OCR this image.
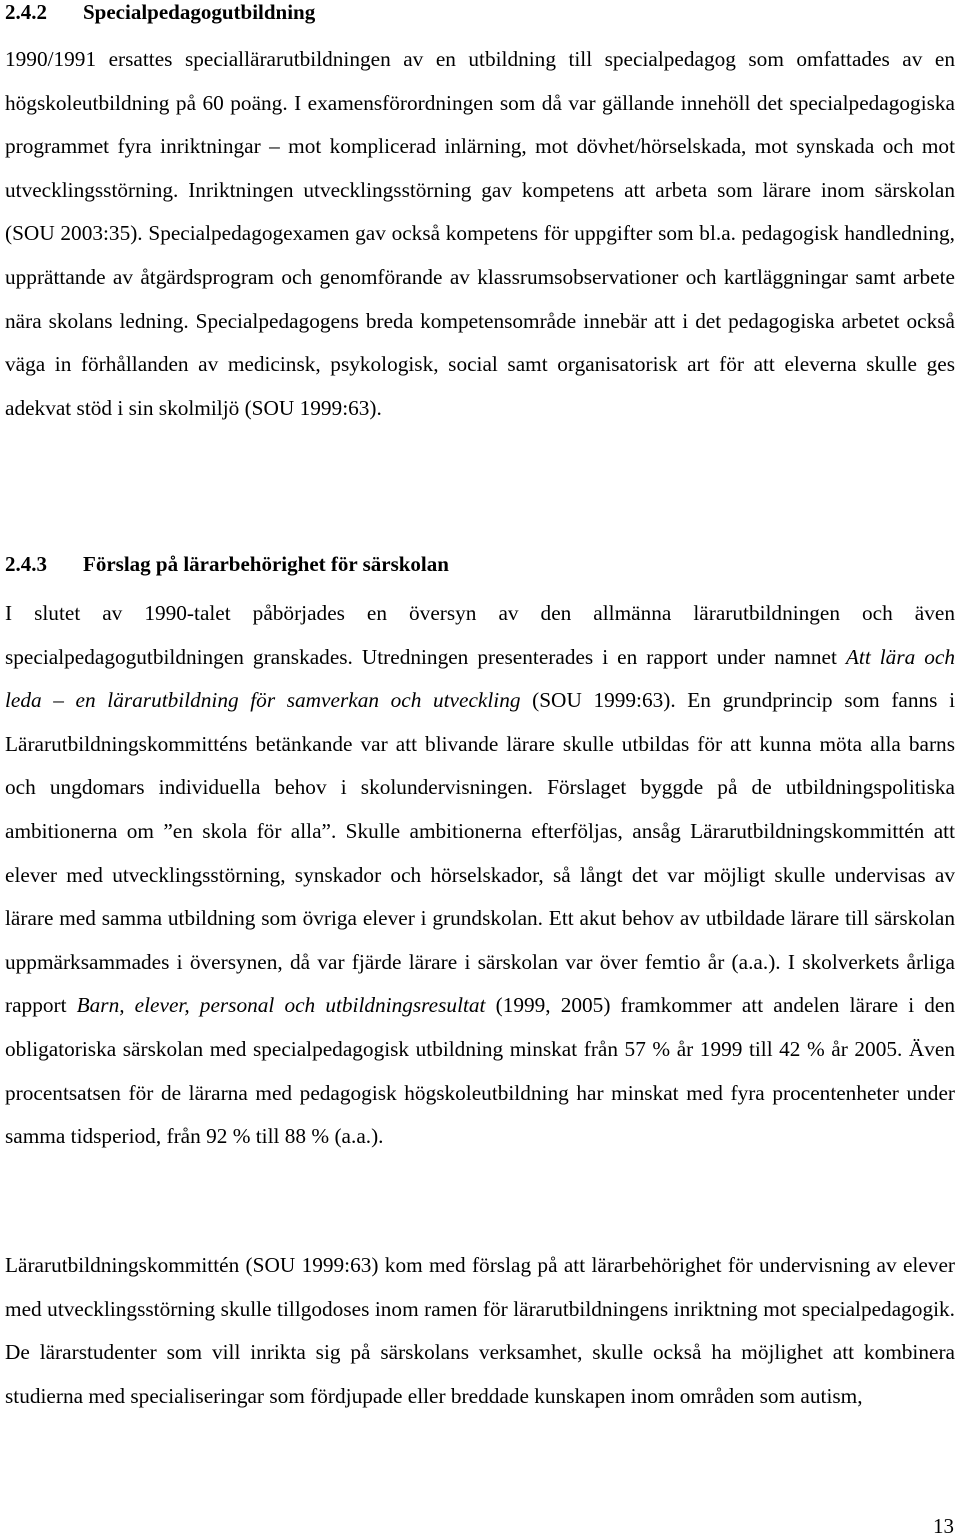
2.4.2 Specialpedagogutbildning

1990/1991 ersattes speciallärarutbildningen av en utbildning till specialpedagog som omfattades av en högskoleutbildning på 60 poäng. I examensförordningen som då var gällande innehöll det specialpedagogiska programmet fyra inriktningar – mot komplicerad inlärning, mot dövhet/hörselskada, mot synskada och mot utvecklingsstörning. Inriktningen utvecklingsstörning gav kompetens att arbeta som lärare inom särskolan (SOU 2003:35). Specialpedagogexamen gav också kompetens för uppgifter som bl.a. pedagogisk handledning, upprättande av åtgärdsprogram och genomförande av klassrumsobservationer och kartläggningar samt arbete nära skolans ledning. Specialpedagogens breda kompetensområde innebär att i det pedagogiska arbetet också väga in förhållanden av medicinsk, psykologisk, social samt organisatorisk art för att eleverna skulle ges adekvat stöd i sin skolmiljö (SOU 1999:63).

2.4.3 Förslag på lärarbehörighet för särskolan

I slutet av 1990-talet påbörjades en översyn av den allmänna lärarutbildningen och även specialpedagogutbildningen granskades. Utredningen presenterades i en rapport under namnet Att lära och leda – en lärarutbildning för samverkan och utveckling (SOU 1999:63). En grundprincip som fanns i Lärarutbildningskommitténs betänkande var att blivande lärare skulle utbildas för att kunna möta alla barns och ungdomars individuella behov i skolundervisningen. Förslaget byggde på de utbildningspolitiska ambitionerna om ”en skola för alla”. Skulle ambitionerna efterföljas, ansåg Lärarutbildningskommittén att elever med utvecklingsstörning, synskador och hörselskador, så långt det var möjligt skulle undervisas av lärare med samma utbildning som övriga elever i grundskolan. Ett akut behov av utbildade lärare till särskolan uppmärksammades i översynen, då var fjärde lärare i särskolan var över femtio år (a.a.). I skolverkets årliga rapport Barn, elever, personal och utbildningsresultat (1999, 2005) framkommer att andelen lärare i den obligatoriska särskolan med specialpedagogisk utbildning minskat från 57 % år 1999 till 42 % år 2005. Även procentsatsen för de lärarna med pedagogisk högskoleutbildning har minskat med fyra procentenheter under samma tidsperiod, från 92 % till 88 % (a.a.).

Lärarutbildningskommittén (SOU 1999:63) kom med förslag på att lärarbehörighet för undervisning av elever med utvecklingsstörning skulle tillgodoses inom ramen för lärarutbildningens inriktning mot specialpedagogik. De lärarstudenter som vill inrikta sig på särskolans verksamhet, skulle också ha möjlighet att kombinera studierna med specialiseringar som fördjupade eller breddade kunskapen inom områden som autism,

13
